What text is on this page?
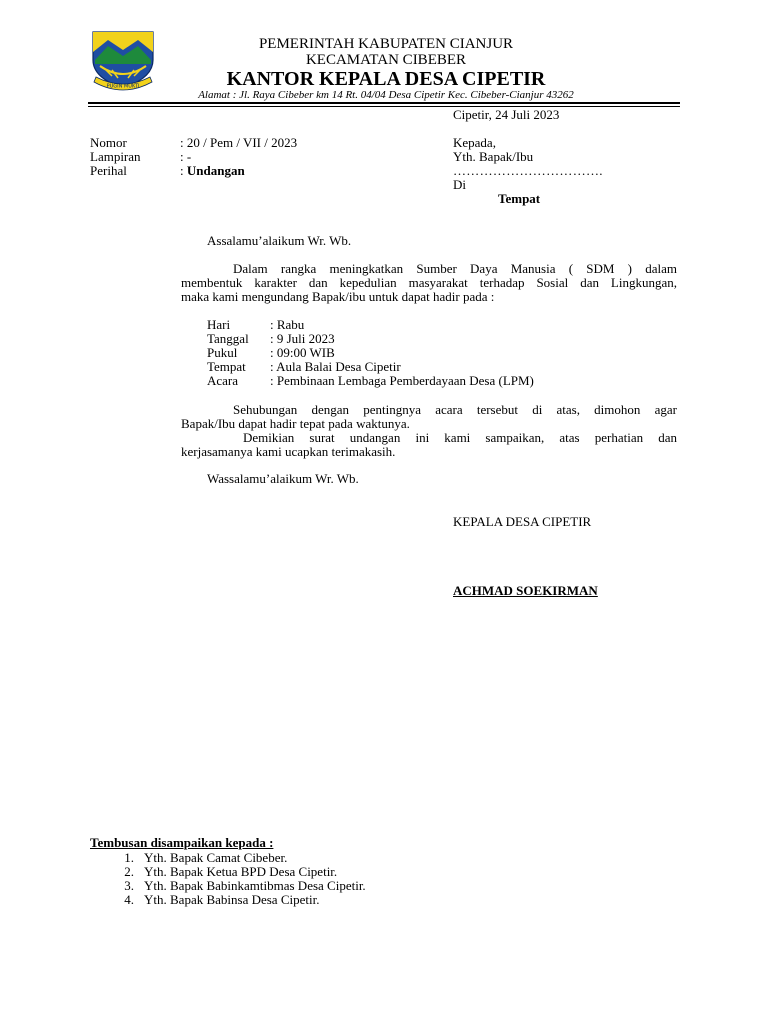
PUGIN MUKTI
PEMERINTAH KABUPATEN CIANJUR
KECAMATAN CIBEBER
KANTOR KEPALA DESA CIPETIR
Alamat : Jl. Raya Cibeber km 14 Rt. 04/04 Desa Cipetir Kec. Cibeber-Cianjur 43262
Cipetir, 24 Juli 2023
Nomor	: 20 / Pem / VII / 2023
Lampiran	: -
Perihal	: Undangan
Kepada,
Yth. Bapak/Ibu
…………………………….
Di
Tempat
Assalamu’alaikum Wr. Wb.
Dalam rangka meningkatkan Sumber Daya Manusia ( SDM ) dalam
membentuk karakter dan kepedulian masyarakat terhadap Sosial dan Lingkungan,
maka kami mengundang Bapak/ibu untuk dapat hadir pada :
Hari	: Rabu
Tanggal : 9 Juli 2023
Pukul	: 09:00 WIB
Tempat : Aula Balai Desa Cipetir
Acara : Pembinaan Lembaga Pemberdayaan Desa (LPM)
Sehubungan dengan pentingnya acara tersebut di atas, dimohon agar
Bapak/Ibu dapat hadir tepat pada waktunya.
Demikian surat undangan ini kami sampaikan, atas perhatian dan
kerjasamanya kami ucapkan terimakasih.
Wassalamu’alaikum Wr. Wb.
KEPALA DESA CIPETIR
ACHMAD SOEKIRMAN
Tembusan disampaikan kepada :
1. Yth. Bapak Camat Cibeber.
2. Yth. Bapak Ketua BPD Desa Cipetir.
3. Yth. Bapak Babinkamtibmas Desa Cipetir.
4. Yth. Bapak Babinsa Desa Cipetir.
